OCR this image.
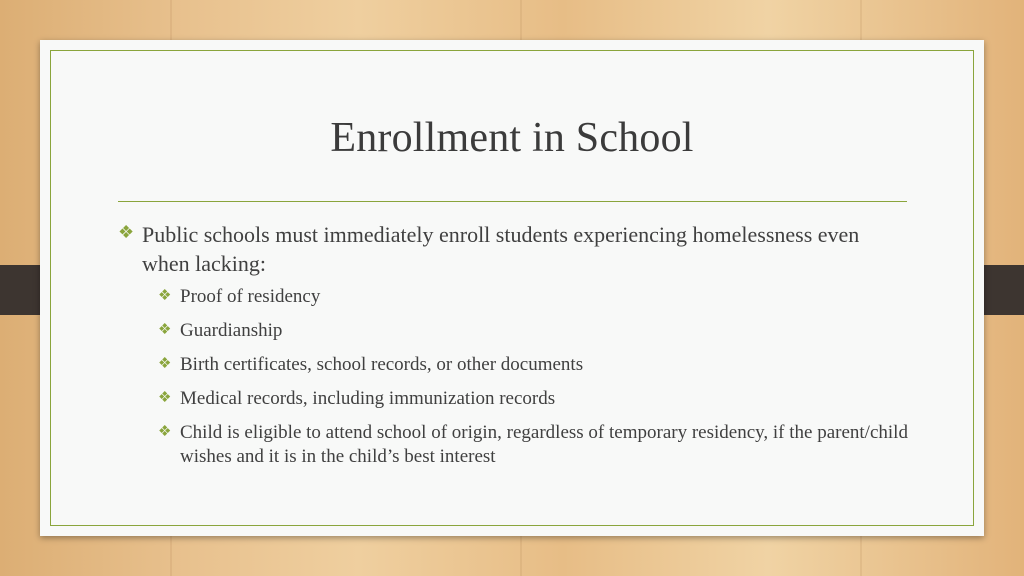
Enrollment in School
❖ Public schools must immediately enroll students experiencing homelessness even when lacking:
❖ Proof of residency
❖ Guardianship
❖ Birth certificates, school records, or other documents
❖ Medical records, including immunization records
❖ Child is eligible to attend school of origin, regardless of temporary residency, if the parent/child wishes and it is in the child’s best interest
